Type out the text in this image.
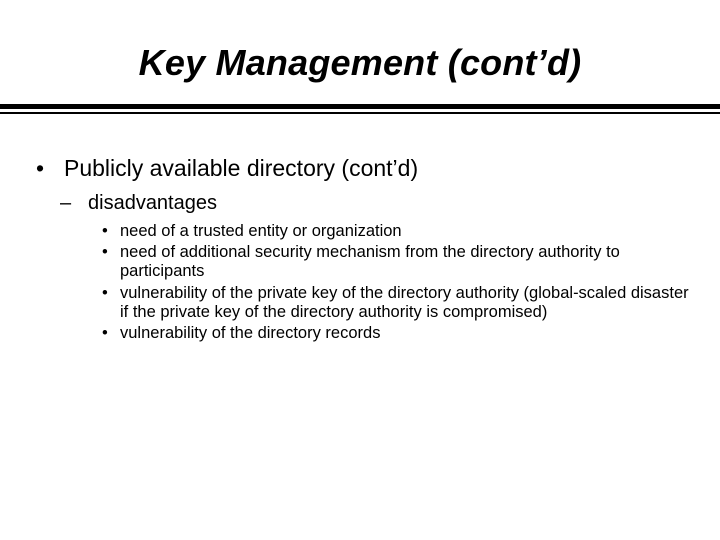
Key Management (cont’d)
• Publicly available directory (cont’d)
– disadvantages
• need of a trusted entity or organization
• need of additional security mechanism from the directory authority to participants
• vulnerability of the private key of the directory authority (global-scaled disaster if the private key of the directory authority is compromised)
• vulnerability of the directory records
